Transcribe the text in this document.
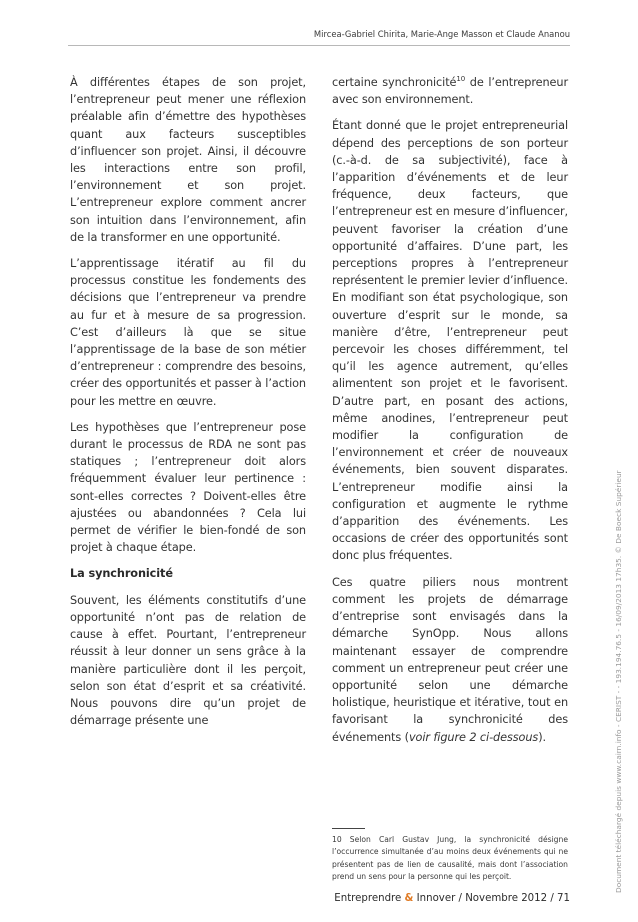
Mircea-Gabriel Chirita, Marie-Ange Masson et Claude Ananou

À différentes étapes de son projet, l’entrepreneur peut mener une réflexion préalable afin d’émettre des hypothèses quant aux facteurs susceptibles d’influencer son projet. Ainsi, il découvre les interactions entre son profil, l’environnement et son projet. L’entrepreneur explore comment ancrer son intuition dans l’environnement, afin de la transformer en une opportunité.

L’apprentissage itératif au fil du processus constitue les fondements des décisions que l’entrepreneur va prendre au fur et à mesure de sa progression. C’est d’ailleurs là que se situe l’apprentissage de la base de son métier d’entrepreneur : comprendre des besoins, créer des opportunités et passer à l’action pour les mettre en œuvre.

Les hypothèses que l’entrepreneur pose durant le processus de RDA ne sont pas statiques ; l’entrepreneur doit alors fréquemment évaluer leur pertinence : sont-elles correctes ? Doivent-elles être ajustées ou abandonnées ? Cela lui permet de vérifier le bien-fondé de son projet à chaque étape.

La synchronicité

Souvent, les éléments constitutifs d’une opportunité n’ont pas de relation de cause à effet. Pourtant, l’entrepreneur réussit à leur donner un sens grâce à la manière particulière dont il les perçoit, selon son état d’esprit et sa créativité. Nous pouvons dire qu’un projet de démarrage présente une

certaine synchronicité$^{10}$ de l’entrepreneur avec son environnement.

Étant donné que le projet entrepreneurial dépend des perceptions de son porteur (c.-à-d. de sa subjectivité), face à l’apparition d’événements et de leur fréquence, deux facteurs, que l’entrepreneur est en mesure d’influencer, peuvent favoriser la création d’une opportunité d’affaires. D’une part, les perceptions propres à l’entrepreneur représentent le premier levier d’influence. En modifiant son état psychologique, son ouverture d’esprit sur le monde, sa manière d’être, l’entrepreneur peut percevoir les choses différemment, tel qu’il les agence autrement, qu’elles alimentent son projet et le favorisent. D’autre part, en posant des actions, même anodines, l’entrepreneur peut modifier la configuration de l’environnement et créer de nouveaux événements, bien souvent disparates. L’entrepreneur modifie ainsi la configuration et augmente le rythme d’apparition des événements. Les occasions de créer des opportunités sont donc plus fréquentes.

Ces quatre piliers nous montrent comment les projets de démarrage d’entreprise sont envisagés dans la démarche SynOpp. Nous allons maintenant essayer de comprendre comment un entrepreneur peut créer une opportunité selon une démarche holistique, heuristique et itérative, tout en favorisant la synchronicité des événements (voir figure 2 ci-dessous).

10 Selon Carl Gustav Jung, la synchronicité désigne l’occurrence simultanée d’au moins deux événements qui ne présentent pas de lien de causalité, mais dont l’association prend un sens pour la personne qui les perçoit.
Entreprendre & Innover / Novembre 2012 / 71
Document téléchargé depuis www.cairn.info - CERIST - - 193.194.76.5 - 16/09/2013 17h35. © De Boeck Supérieur
